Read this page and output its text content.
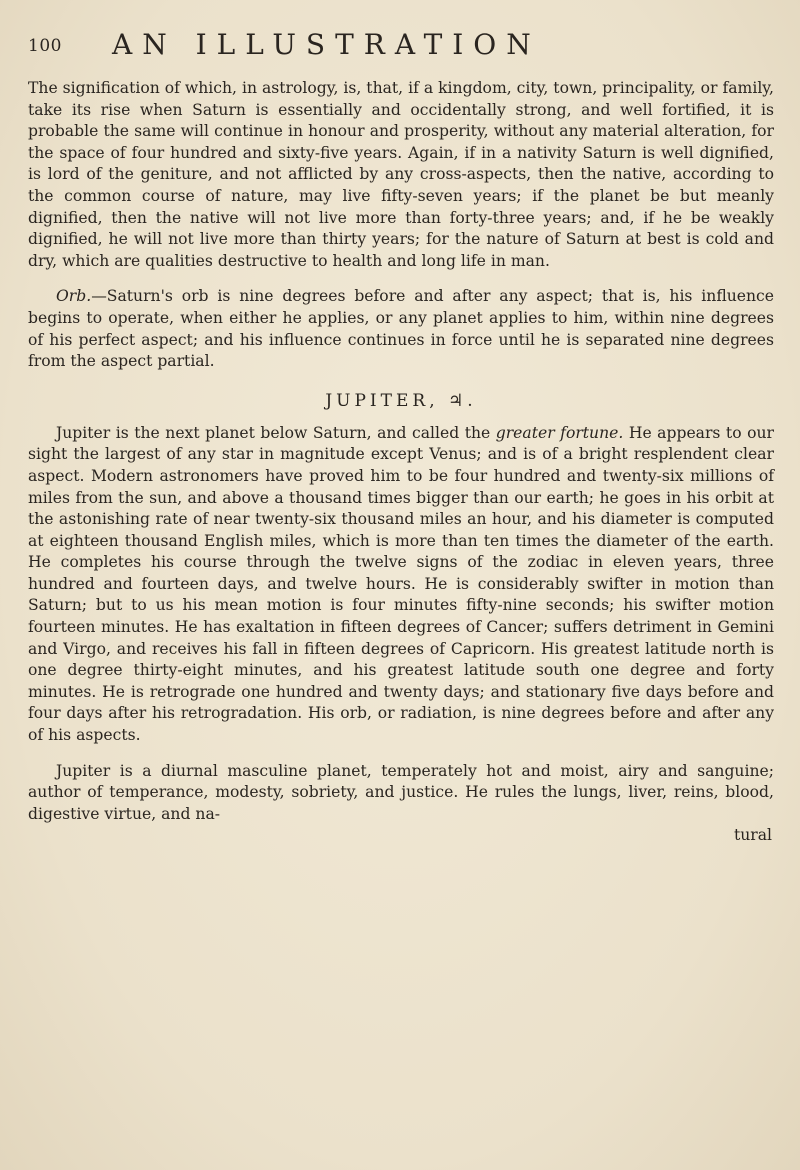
100 AN ILLUSTRATION

The signification of which, in astrology, is, that, if a kingdom, city, town, principality, or family, take its rise when Saturn is essentially and occidentally strong, and well fortified, it is probable the same will continue in honour and prosperity, without any material alteration, for the space of four hundred and sixty-five years. Again, if in a nativity Saturn is well dignified, is lord of the geniture, and not afflicted by any cross-aspects, then the native, according to the common course of nature, may live fifty-seven years; if the planet be but meanly dignified, then the native will not live more than forty-three years; and, if he be weakly dignified, he will not live more than thirty years; for the nature of Saturn at best is cold and dry, which are qualities destructive to health and long life in man.

Orb.—Saturn's orb is nine degrees before and after any aspect; that is, his influence begins to operate, when either he applies, or any planet applies to him, within nine degrees of his perfect aspect; and his influence continues in force until he is separated nine degrees from the aspect partial.

JUPITER, ♃.

Jupiter is the next planet below Saturn, and called the greater fortune. He appears to our sight the largest of any star in magnitude except Venus; and is of a bright resplendent clear aspect. Modern astronomers have proved him to be four hundred and twenty-six millions of miles from the sun, and above a thousand times bigger than our earth; he goes in his orbit at the astonishing rate of near twenty-six thousand miles an hour, and his diameter is computed at eighteen thousand English miles, which is more than ten times the diameter of the earth. He completes his course through the twelve signs of the zodiac in eleven years, three hundred and fourteen days, and twelve hours. He is considerably swifter in motion than Saturn; but to us his mean motion is four minutes fifty-nine seconds; his swifter motion fourteen minutes. He has exaltation in fifteen degrees of Cancer; suffers detriment in Gemini and Virgo, and receives his fall in fifteen degrees of Capricorn. His greatest latitude north is one degree thirty-eight minutes, and his greatest latitude south one degree and forty minutes. He is retrograde one hundred and twenty days; and stationary five days before and four days after his retrogradation. His orb, or radiation, is nine degrees before and after any of his aspects.

Jupiter is a diurnal masculine planet, temperately hot and moist, airy and sanguine; author of temperance, modesty, sobriety, and justice. He rules the lungs, liver, reins, blood, digestive virtue, and na-

tural
